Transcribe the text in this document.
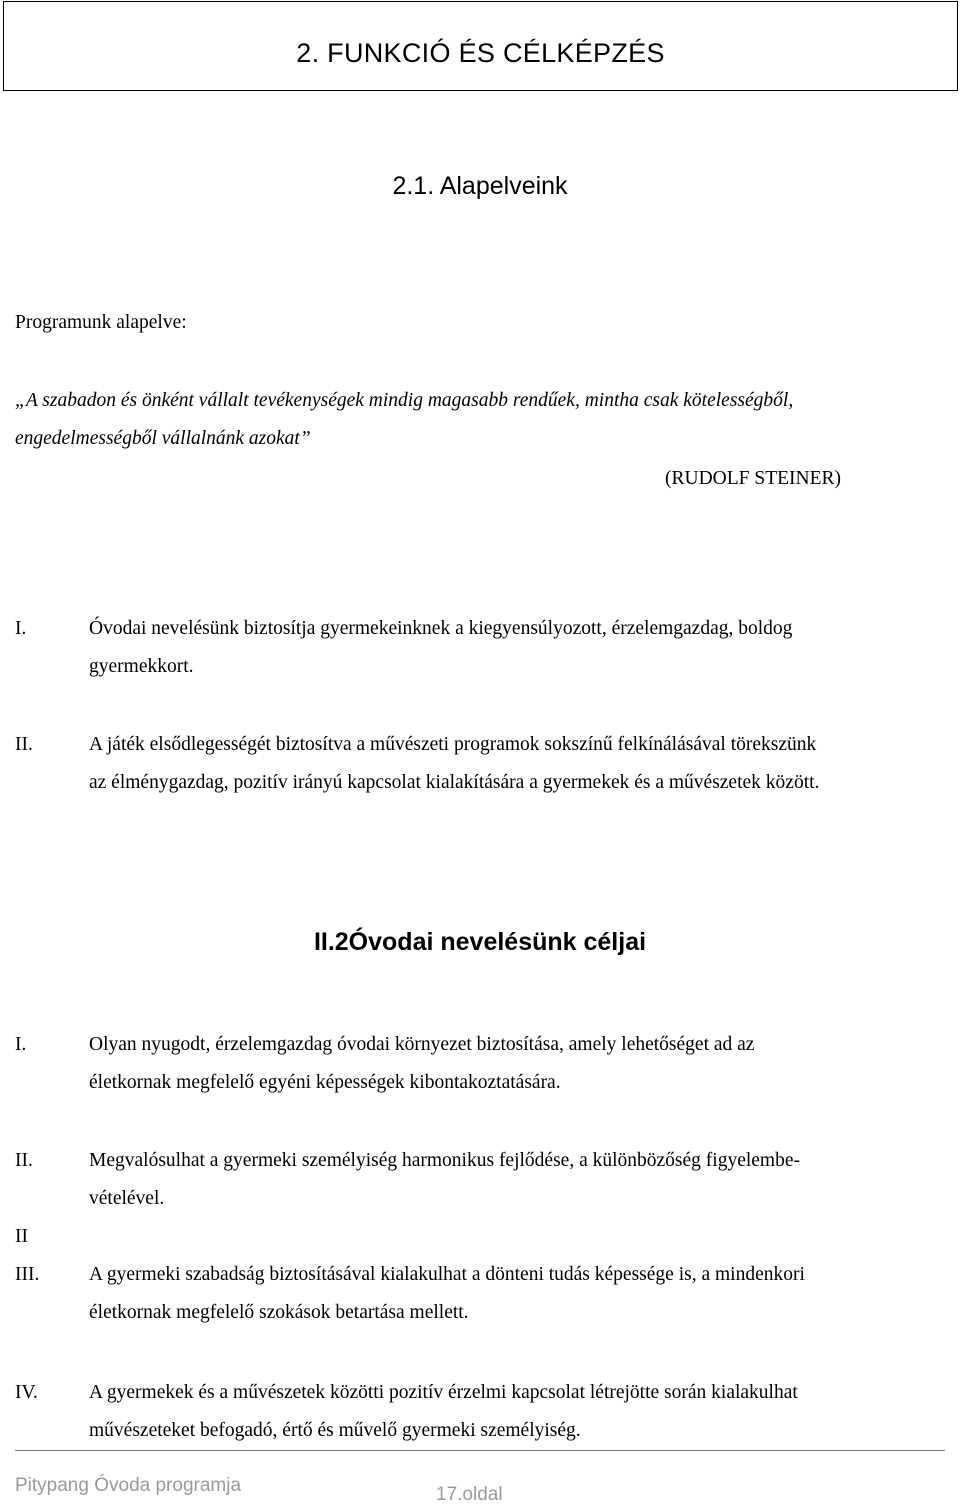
2. FUNKCIÓ ÉS CÉLKÉPZÉS
2.1. Alapelveink
Programunk alapelve:
„A szabadon és önként vállalt tevékenységek mindig magasabb rendűek, mintha csak kötelességből,
engedelmességből vállalnánk azokat”
(RUDOLF STEINER)
I.	Óvodai nevelésünk biztosítja gyermekeinknek a kiegyensúlyozott, érzelemgazdag, boldog
gyermekkort.
II.	A játék elsődlegességét biztosítva a művészeti programok sokszínű felkínálásával törekszünk
az élménygazdag, pozitív irányú kapcsolat kialakítására a gyermekek és a művészetek között.
II.2Óvodai nevelésünk céljai
I.	Olyan nyugodt, érzelemgazdag óvodai környezet biztosítása, amely lehetőséget ad az
életkornak megfelelő egyéni képességek kibontakoztatására.
II.	Megvalósulhat a gyermeki személyiség harmonikus fejlődése, a különbözőség figyelembe-
vételével.
II
III.	A gyermeki szabadság biztosításával kialakulhat a dönteni tudás képessége is, a mindenkori
életkornak megfelelő szokások betartása mellett.
IV.	A gyermekek és a művészetek közötti pozitív érzelmi kapcsolat létrejötte során kialakulhat
művészeteket befogadó, értő és művelő gyermeki személyiség.
Pitypang Óvoda programja	17.oldal
